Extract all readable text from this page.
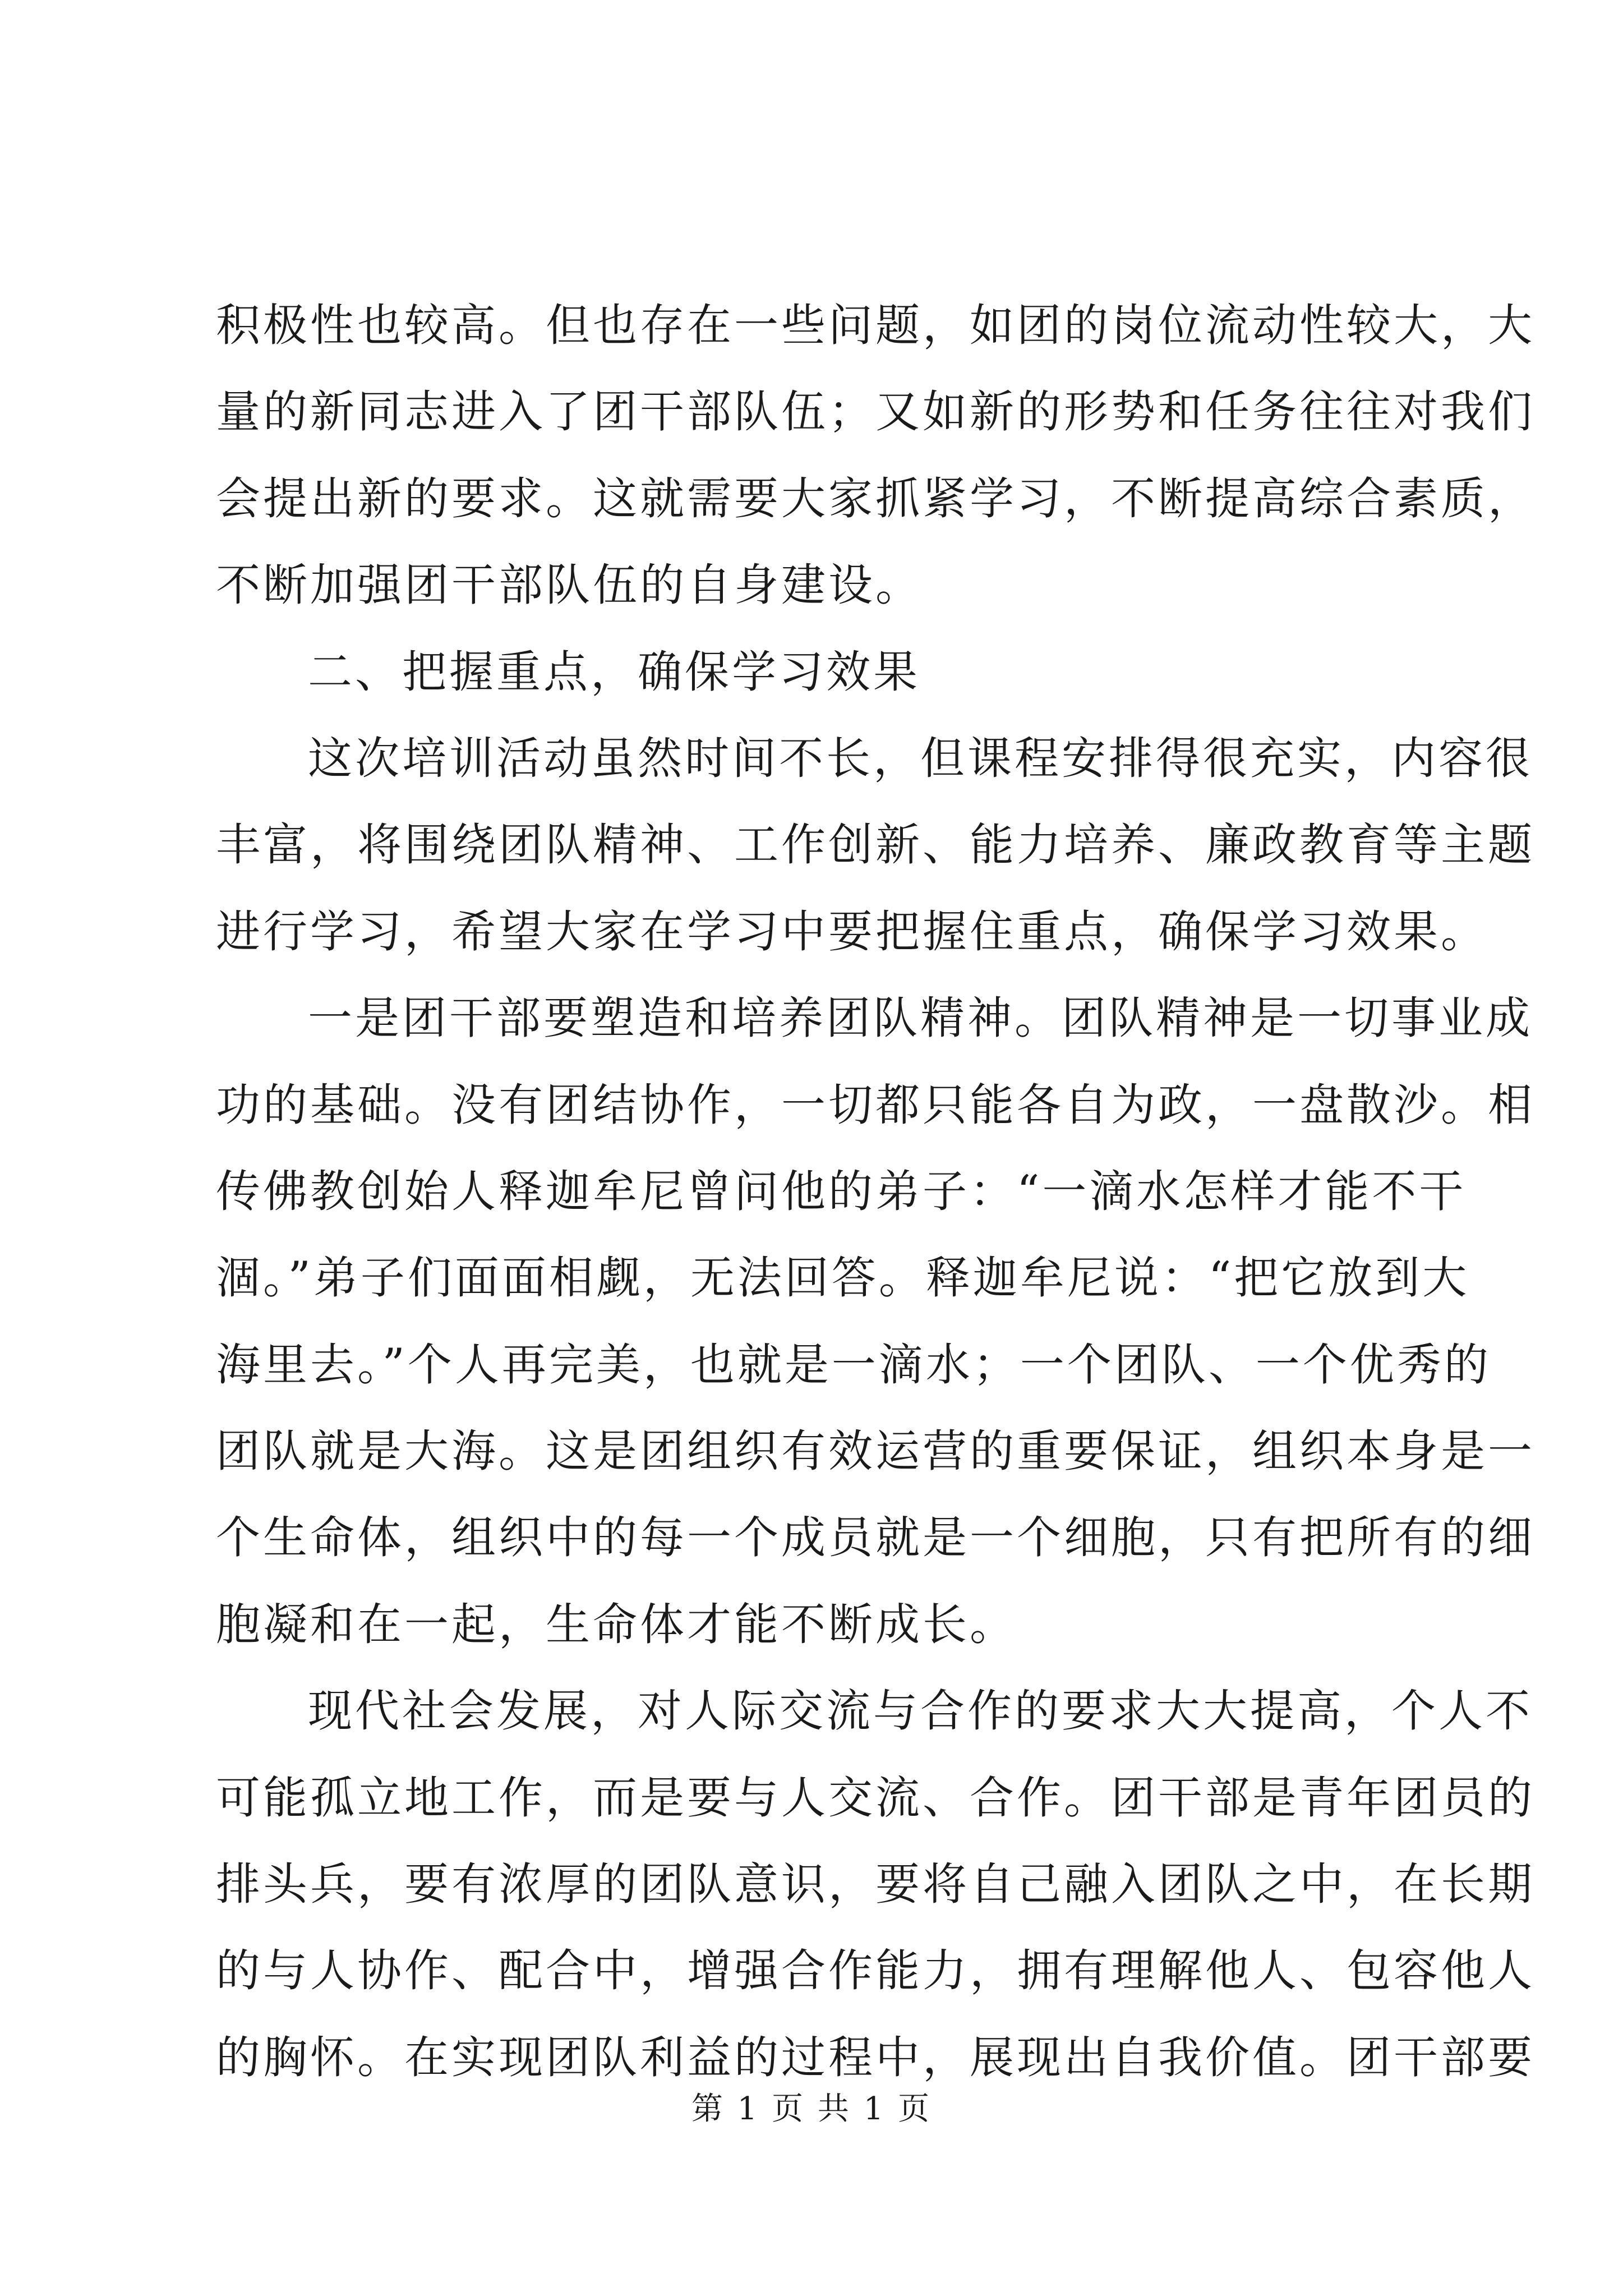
积极性也较高。但也存在一些问题，如团的岗位流动性较大，大
量的新同志进入了团干部队伍；又如新的形势和任务往往对我们
会提出新的要求。这就需要大家抓紧学习，不断提高综合素质，
不断加强团干部队伍的自身建设。
二、把握重点，确保学习效果
这次培训活动虽然时间不长，但课程安排得很充实，内容很
丰富，将围绕团队精神、工作创新、能力培养、廉政教育等主题
进行学习，希望大家在学习中要把握住重点，确保学习效果。
一是团干部要塑造和培养团队精神。团队精神是一切事业成
功的基础。没有团结协作，一切都只能各自为政，一盘散沙。相
传佛教创始人释迦牟尼曾问他的弟子：“一滴水怎样才能不干
涸。”弟子们面面相觑，无法回答。释迦牟尼说：“把它放到大
海里去。”个人再完美，也就是一滴水；一个团队、一个优秀的
团队就是大海。这是团组织有效运营的重要保证，组织本身是一
个生命体，组织中的每一个成员就是一个细胞，只有把所有的细
胞凝和在一起，生命体才能不断成长。
现代社会发展，对人际交流与合作的要求大大提高，个人不
可能孤立地工作，而是要与人交流、合作。团干部是青年团员的
排头兵，要有浓厚的团队意识，要将自己融入团队之中，在长期
的与人协作、配合中，增强合作能力，拥有理解他人、包容他人
的胸怀。在实现团队利益的过程中，展现出自我价值。团干部要
第 1 页 共 1 页
